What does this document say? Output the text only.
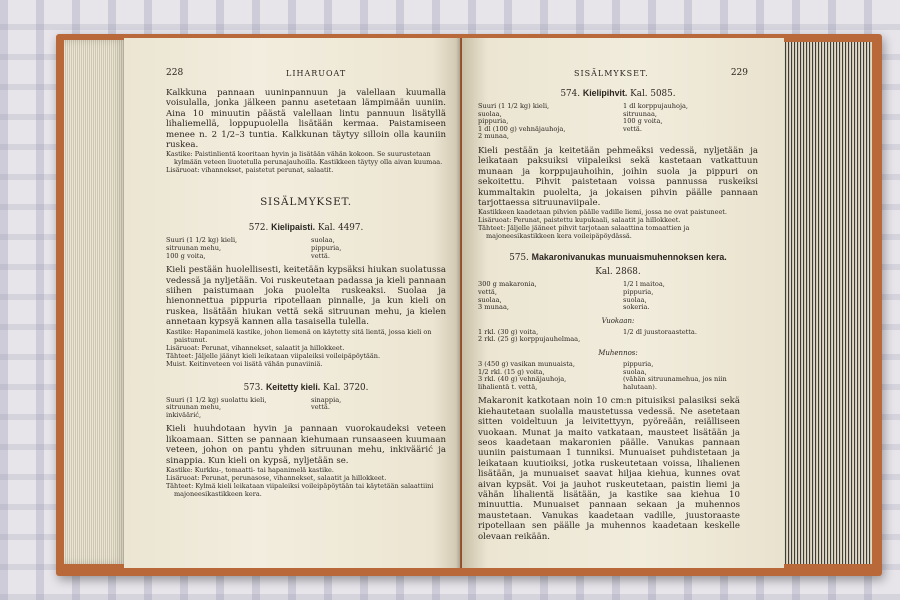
228	LIHARUOAT

Kalkkuna pannaan uuninpannuun ja valellaan kuumalla voisulalla, jonka jälkeen pannu asetetaan lämpimään uuniin. Aina 10 minuutin päästä valellaan lintu pannuun lisätyllä lihaliemellä, loppupuolella lisätään kermaa. Paistamiseen menee n. 2 1/2–3 tuntia. Kalkkunan täytyy silloin olla kauniin ruskea.

Kastike: Paistinlientä kooritaan hyvin ja lisätään vähän kokoon. Se suurustetaan kylmään veteen liuotetulla perunajauhoilla. Kastikkeen täytyy olla aivan kuumaa.

Lisäruoat: vihannekset, paistetut perunat, salaatit.

SISÄLMYKSET.
572. Kielipaisti. Kal. 4497.
Suuri (1 1/2 kg) kieli,
sitruunan mehu,
100 g voita,
suolaa,
pippuria,
vettä.

Kieli pestään huolellisesti, keitetään kypsäksi hiukan suolatussa vedessä ja nyljetään. Voi ruskeutetaan padassa ja kieli pannaan siihen paistumaan joka puolelta ruskeaksi. Suolaa ja hienonnettua pippuria ripotellaan pinnalle, ja kun kieli on ruskea, lisätään hiukan vettä sekä sitruunan mehu, ja kielen annetaan kypsyä kannen alla tasaisella tulella.

Kastike: Hapanimelä kastike, johon liemenä on käytetty sitä lientä, jossa kieli on paistunut.

Lisäruoat: Perunat, vihannekset, salaatit ja hillokkeet.

Tähteet: Jäljelle jäänyt kieli leikataan viipaleiksi voileipäpöytään.

Muist. Keitinveteen voi lisätä vähän punaviiniä.

573. Keitetty kieli. Kal. 3720.
Suuri (1 1/2 kg) suolattu kieli,
sitruunan mehu,
inkiväärić,
sinappia,
vettä.

Kieli huuhdotaan hyvin ja pannaan vuorokaudeksi veteen likoamaan. Sitten se pannaan kiehumaan runsaaseen kuumaan veteen, johon on pantu yhden sitruunan mehu, inkiväärić ja sinappia. Kun kieli on kypsä, nyljetään se.

Kastike: Kurkku-, tomaatti- tai hapanimelä kastike.

Lisäruoat: Perunat, perunasose, vihannekset, salaatit ja hillokkeet.

Tähteet: Kylmä kieli leikataan viipaleiksi voileipäpöytään tai käytetään salaattiini majoneesikastikkeen kera.

SISÄLMYKSET.	229
574. Kielipihvit. Kal. 5085.
Suuri (1 1/2 kg) kieli,
suolaa,
pippuria,
1 dl (100 g) vehnäjauhoja,
2 munaa,
1 dl korppujauhoja,
sitruunaa,
100 g voita,
vettä.

Kieli pestään ja keitetään pehmeäksi vedessä, nyljetään ja leikataan paksuiksi viipaleiksi sekä kastetaan vatkattuun munaan ja korppujauhoihin, joihin suola ja pippuri on sekoitettu. Pihvit paistetaan voissa pannussa ruskeiksi kummaltakin puolelta, ja jokaisen pihvin päälle pannaan tarjottaessa sitruunaviipale.

Kastikkeen kaadetaan pihvien päälle vadille liemi, jossa ne ovat paistuneet.

Lisäruoat: Perunat, paistettu kupukaali, salaatit ja hillokkeet.

Tähteet: Jäljelle jääneet pihvit tarjotaan salaattina tomaattien ja majoneesikastikkeen kera voileipäpöydässä.

575. Makaronivanukas munuaismuhennoksen kera.
Kal. 2868.
300 g makaronia,
vettä,
suolaa,
3 munaa,
1/2 l maitoa,
pippuria,
suolaa,
sokeria.
Vuokaan:
1 rkl. (30 g) voita,
2 rkl. (25 g) korppujauhelmaa,
1/2 dl juustoraastetta.
Muhennos:
3 (450 g) vasikan munuaista,
1/2 rkl. (15 g) voita,
3 rkl. (40 g) vehnäjauhoja,
lihalientä t. vettä,
pippuria,
suolaa,
(vähän sitruunamehua, jos niin halutaan).

Makaronit katkotaan noin 10 cm:n pituisiksi palasiksi sekä kiehautetaan suolalla maustetussa vedessä. Ne asetetaan sitten voideltuun ja leivitettyyn, pyöreään, reiälliseen vuokaan. Munat ja maito vatkataan, mausteet lisätään ja seos kaadetaan makaronien päälle. Vanukas pannaan uuniin paistumaan 1 tunniksi. Munuaiset puhdistetaan ja leikataan kuutioiksi, jotka ruskeutetaan voissa, lihalienen lisätään, ja munuaiset saavat hiljaa kiehua, kunnes ovat aivan kypsät. Voi ja jauhot ruskeutetaan, paistin liemi ja vähän lihalientä lisätään, ja kastike saa kiehua 10 minuuttia. Munuaiset pannaan sekaan ja muhennos maustetaan. Vanukas kaadetaan vadille, juustoraaste ripotellaan sen päälle ja muhennos kaadetaan keskelle olevaan reikään.
